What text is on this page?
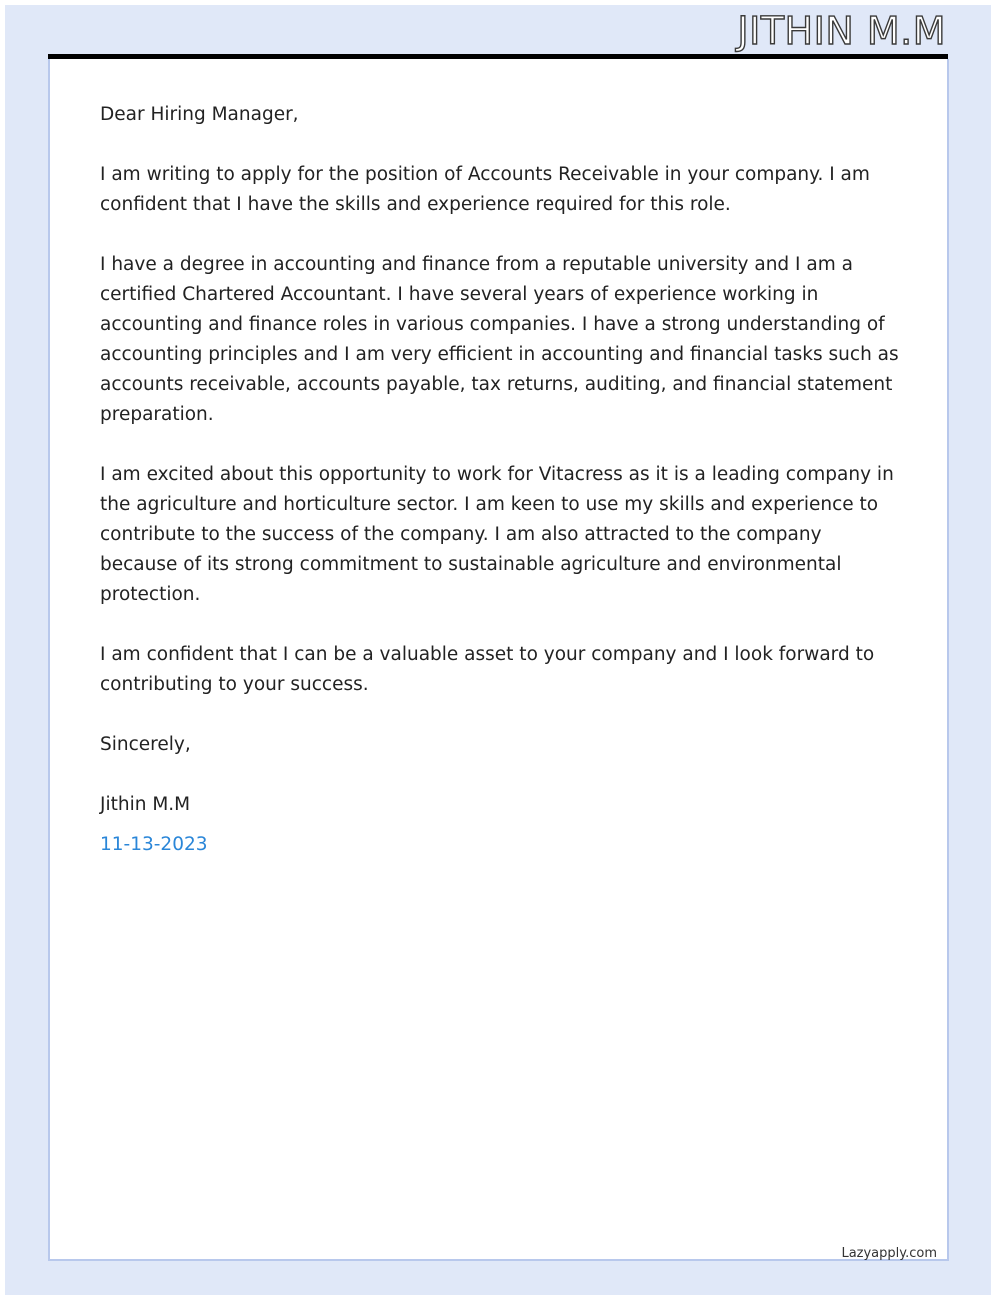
JITHIN M.M

Dear Hiring Manager,

I am writing to apply for the position of Accounts Receivable in your company. I am confident that I have the skills and experience required for this role.

I have a degree in accounting and finance from a reputable university and I am a certified Chartered Accountant. I have several years of experience working in accounting and finance roles in various companies. I have a strong understanding of accounting principles and I am very efficient in accounting and financial tasks such as accounts receivable, accounts payable, tax returns, auditing, and financial statement preparation.

I am excited about this opportunity to work for Vitacress as it is a leading company in the agriculture and horticulture sector. I am keen to use my skills and experience to contribute to the success of the company. I am also attracted to the company because of its strong commitment to sustainable agriculture and environmental protection.

I am confident that I can be a valuable asset to your company and I look forward to contributing to your success.

Sincerely,

Jithin M.M

11-13-2023

Lazyapply.com
